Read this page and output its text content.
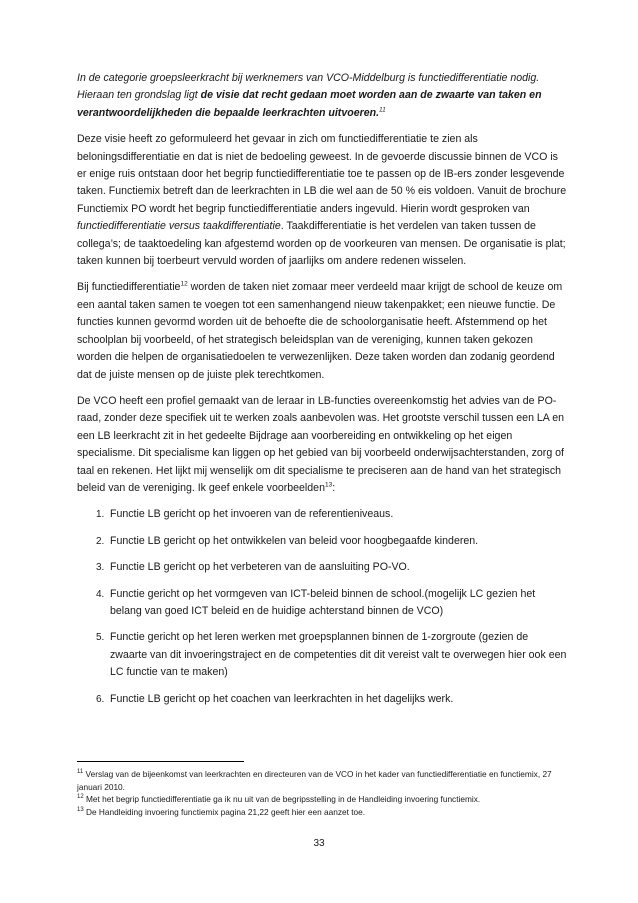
In de categorie groepsleerkracht bij werknemers van VCO-Middelburg is functiedifferentiatie nodig.
Hieraan ten grondslag ligt de visie dat recht gedaan moet worden aan de zwaarte van taken en verantwoordelijkheden die bepaalde leerkrachten uitvoeren.$^{11}$

Deze visie heeft zo geformuleerd het gevaar in zich om functiedifferentiatie te zien als beloningsdifferentiatie en dat is niet de bedoeling geweest. In de gevoerde discussie binnen de VCO is er enige ruis ontstaan door het begrip functiedifferentiatie toe te passen op de IB-ers zonder lesgevende taken. Functiemix betreft dan de leerkrachten in LB die wel aan de 50 % eis voldoen. Vanuit de brochure Functiemix PO wordt het begrip functiedifferentiatie anders ingevuld. Hierin wordt gesproken van functiedifferentiatie versus taakdifferentiatie. Taakdifferentiatie is het verdelen van taken tussen de collega’s; de taaktoedeling kan afgestemd worden op de voorkeuren van mensen. De organisatie is plat; taken kunnen bij toerbeurt vervuld worden of jaarlijks om andere redenen wisselen.

Bij functiedifferentiatie$^{12}$ worden de taken niet zomaar meer verdeeld maar krijgt de school de keuze om een aantal taken samen te voegen tot een samenhangend nieuw takenpakket; een nieuwe functie. De functies kunnen gevormd worden uit de behoefte die de schoolorganisatie heeft. Afstemmend op het schoolplan bij voorbeeld, of het strategisch beleidsplan van de vereniging, kunnen taken gekozen worden die helpen de organisatiedoelen te verwezenlijken. Deze taken worden dan zodanig geordend dat de juiste mensen op de juiste plek terechtkomen.

De VCO heeft een profiel gemaakt van de leraar in LB-functies overeenkomstig het advies van de PO-raad, zonder deze specifiek uit te werken zoals aanbevolen was. Het grootste verschil tussen een LA en een LB leerkracht zit in het gedeelte Bijdrage aan voorbereiding en ontwikkeling op het eigen specialisme. Dit specialisme kan liggen op het gebied van bij voorbeeld onderwijsachterstanden, zorg of taal en rekenen. Het lijkt mij wenselijk om dit specialisme te preciseren aan de hand van het strategisch beleid van de vereniging. Ik geef enkele voorbeelden$^{13}$:

1. Functie LB gericht op het invoeren van de referentieniveaus.
2. Functie LB gericht op het ontwikkelen van beleid voor hoogbegaafde kinderen.
3. Functie LB gericht op het verbeteren van de aansluiting PO-VO.
4. Functie gericht op het vormgeven van ICT-beleid binnen de school.(mogelijk LC gezien het belang van goed ICT beleid en de huidige achterstand binnen de VCO)
5. Functie gericht op het leren werken met groepsplannen binnen de 1-zorgroute (gezien de zwaarte van dit invoeringstraject en de competenties dit dit vereist valt te overwegen hier ook een LC functie van te maken)
6. Functie LB gericht op het coachen van leerkrachten in het dagelijks werk.
$^{11}$ Verslag van de bijeenkomst van leerkrachten en directeuren van de VCO in het kader van functiedifferentiatie en functiemix, 27 januari 2010.
$^{12}$ Met het begrip functiedifferentiatie ga ik nu uit van de begripsstelling in de Handleiding invoering functiemix.
$^{13}$ De Handleiding invoering functiemix pagina 21,22 geeft hier een aanzet toe.
33
